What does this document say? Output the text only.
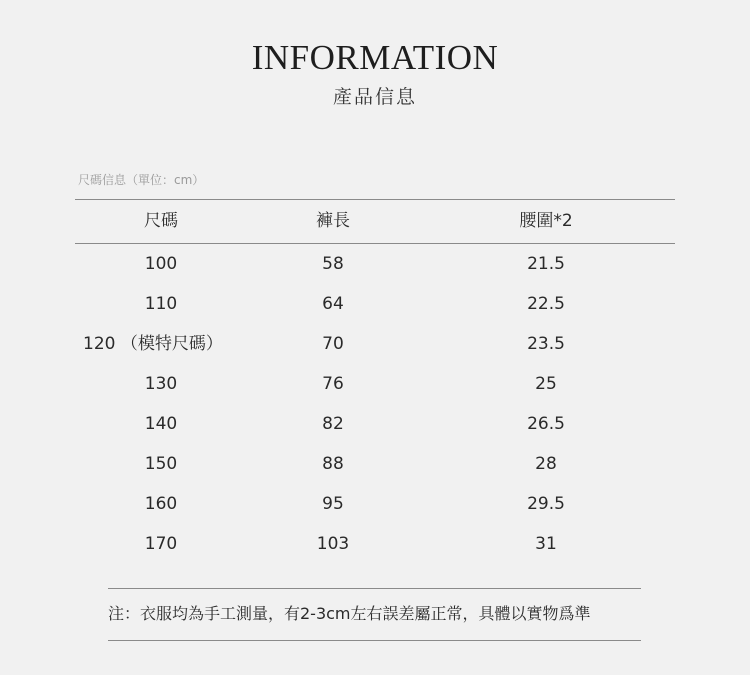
INFORMATION
產品信息
尺碼信息（單位：cm）
尺碼	褲長	腰圍*2
100	58	21.5
110	64	22.5
120 （模特尺碼）	70	23.5
130	76	25
140	82	26.5
150	88	28
160	95	29.5
170	103	31
注：衣服均為手工測量，有2-3cm左右誤差屬正常，具體以實物爲準
